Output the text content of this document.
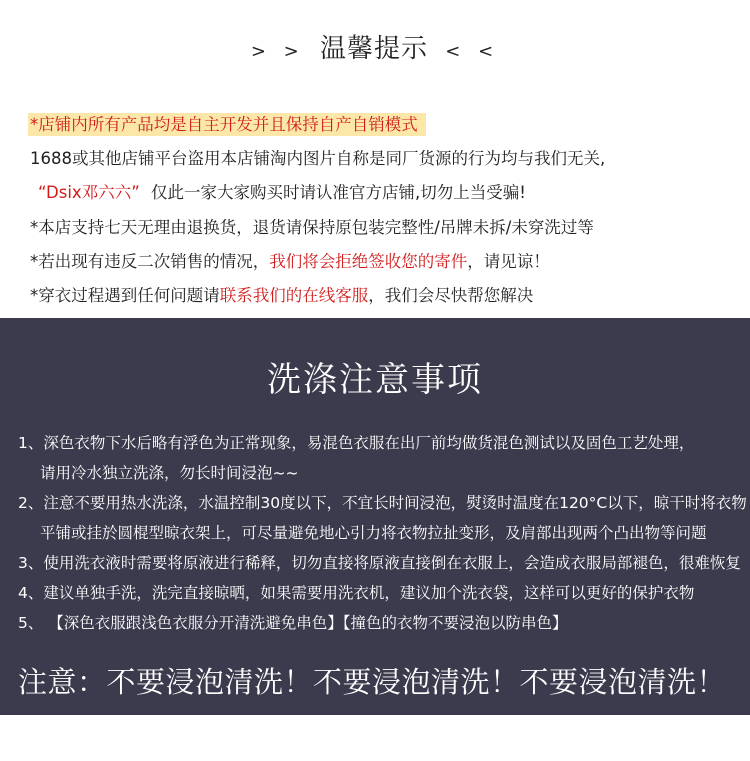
> > 温馨提示 < <
*店铺内所有产品均是自主开发并且保持自产自销模式
1688或其他店铺平台盗用本店铺淘内图片自称是同厂货源的行为均与我们无关,
“Dsix邓六六” 仅此一家大家购买时请认准官方店铺,切勿上当受骗!
*本店支持七天无理由退换货，退货请保持原包装完整性/吊牌未拆/未穿洗过等
*若出现有违反二次销售的情况，我们将会拒绝签收您的寄件，请见谅！
*穿衣过程遇到任何问题请联系我们的在线客服，我们会尽快帮您解决
洗涤注意事项
1、深色衣物下水后略有浮色为正常现象，易混色衣服在出厂前均做货混色测试以及固色工艺处理，
请用冷水独立洗涤，勿长时间浸泡~~
2、注意不要用热水洗涤，水温控制30度以下，不宜长时间浸泡，熨烫时温度在120°C以下，晾干时将衣物
平铺或挂於圆棍型晾衣架上，可尽量避免地心引力将衣物拉扯变形，及肩部出现两个凸出物等问题
3、使用洗衣液时需要将原液进行稀释，切勿直接将原液直接倒在衣服上，会造成衣服局部褪色，很难恢复
4、建议单独手洗，洗完直接晾晒，如果需要用洗衣机，建议加个洗衣袋，这样可以更好的保护衣物
5、 【深色衣服跟浅色衣服分开清洗避免串色】【撞色的衣物不要浸泡以防串色】
注意：不要浸泡清洗！不要浸泡清洗！不要浸泡清洗！
